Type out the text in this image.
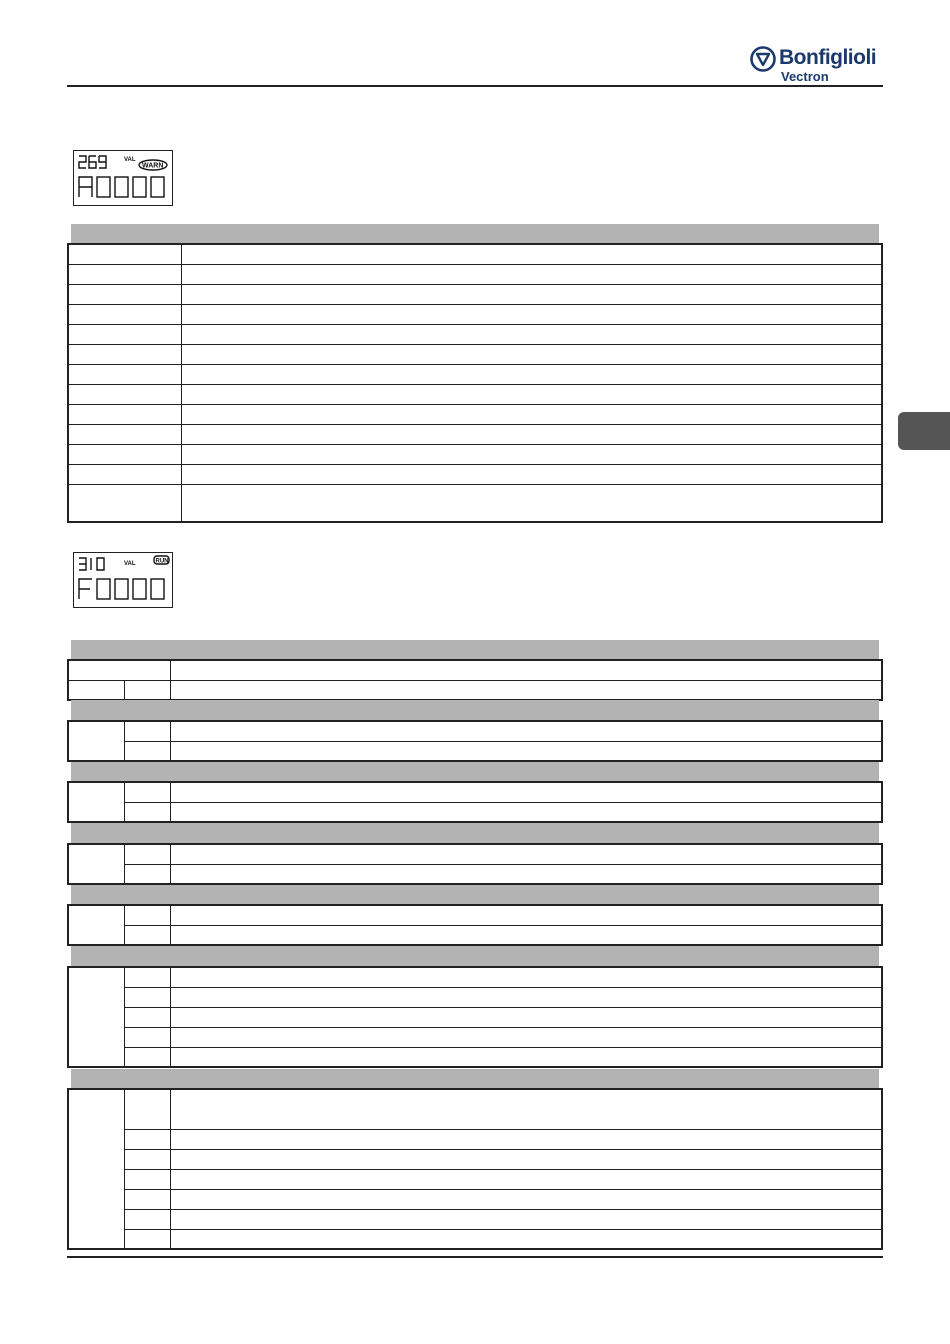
Bonfiglioli
Vectron
VAL
WARN

VAL	RUN
